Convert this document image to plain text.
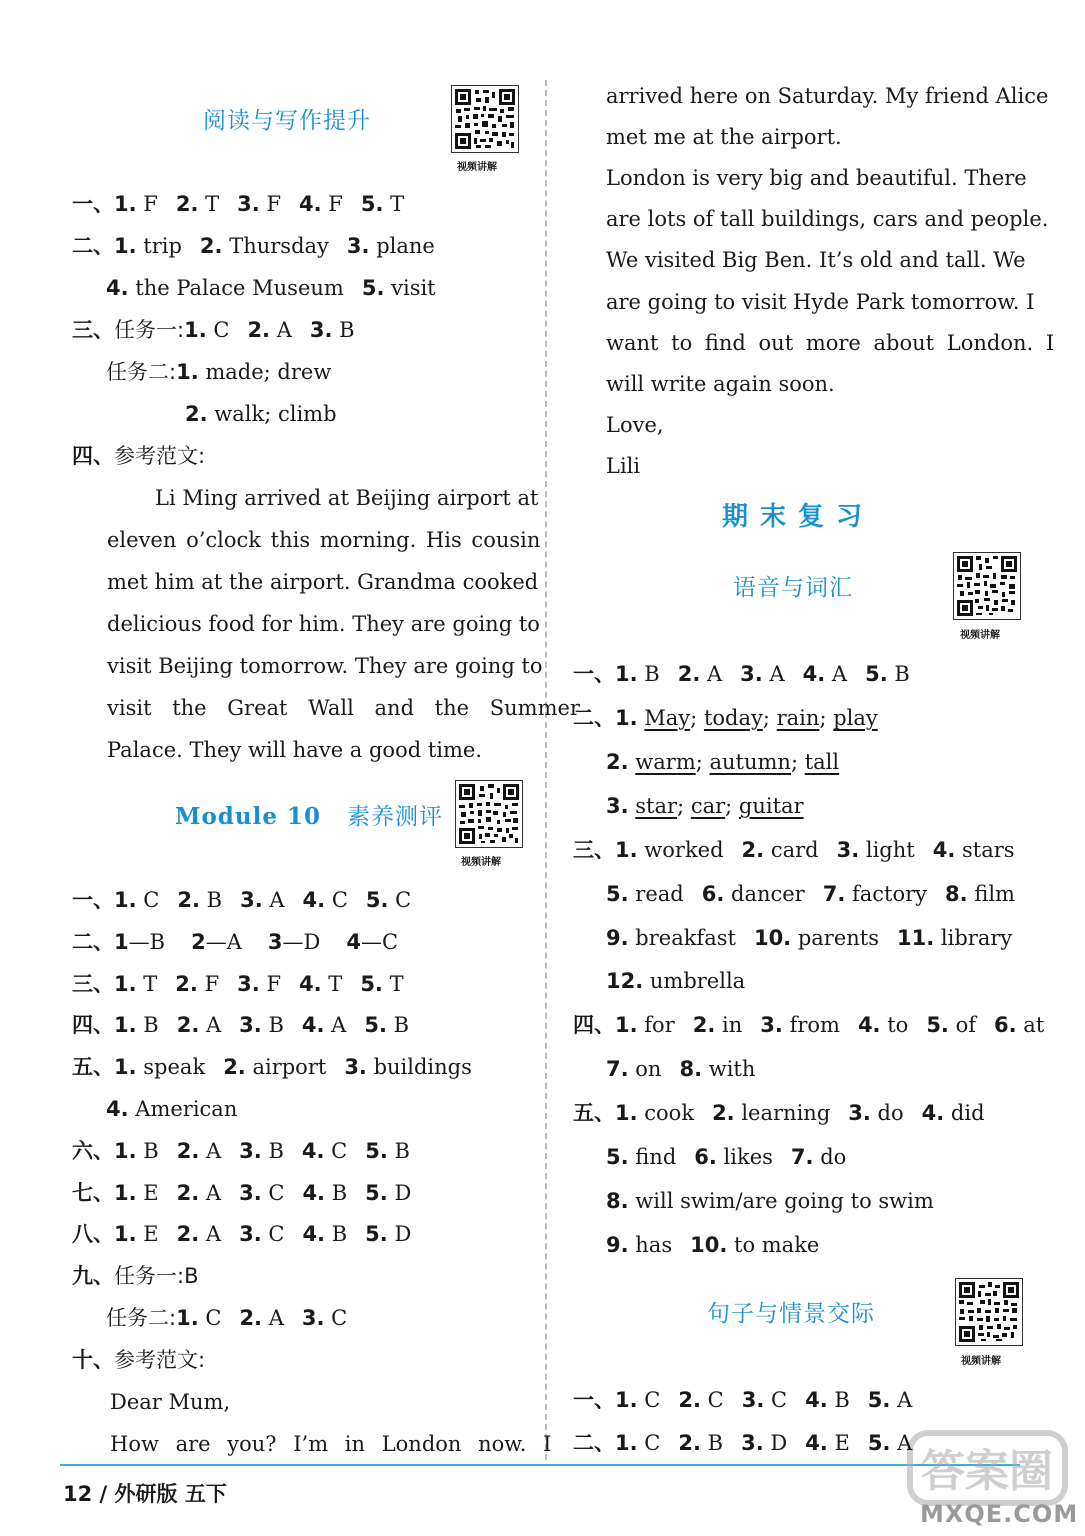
12 / 外研版 五下	答案圈
MXQE.COM
阅读与写作提升
视频讲解
一、1. F 2. T 3. F 4. F 5. T
二、1. trip 2. Thursday 3. plane
4. the Palace Museum 5. visit
三、任务一:1. C 2. A 3. B
任务二:1. made; drew
2. walk; climb
四、参考范文:
Li Ming arrived at Beijing airport at
eleven o’clock this morning. His cousin
met him at the airport. Grandma cooked
delicious food for him. They are going to
visit Beijing tomorrow. They are going to
visit the Great Wall and the Summer
Palace. They will have a good time.
Module 10 素养测评
视频讲解
一、1. C 2. B 3. A 4. C 5. C
二、1—B 2—A 3—D 4—C
三、1. T 2. F 3. F 4. T 5. T
四、1. B 2. A 3. B 4. A 5. B
五、1. speak 2. airport 3. buildings
4. American
六、1. B 2. A 3. B 4. C 5. B
七、1. E 2. A 3. C 4. B 5. D
八、1. E 2. A 3. C 4. B 5. D
九、任务一:B
任务二:1. C 2. A 3. C
十、参考范文:
Dear Mum,
How are you? I’m in London now. I
arrived here on Saturday. My friend Alice
met me at the airport.
London is very big and beautiful. There
are lots of tall buildings, cars and people.
We visited Big Ben. It’s old and tall. We
are going to visit Hyde Park tomorrow. I
want to find out more about London. I
will write again soon.
Love,
Lili
期末复习
语音与词汇
视频讲解
一、1. B 2. A 3. A 4. A 5. B
二、1. May; today; rain; play
2. warm; autumn; tall
3. star; car; guitar
三、1. worked 2. card 3. light 4. stars
5. read 6. dancer 7. factory 8. film
9. breakfast 10. parents 11. library
12. umbrella
四、1. for 2. in 3. from 4. to 5. of 6. at
7. on 8. with
五、1. cook 2. learning 3. do 4. did
5. find 6. likes 7. do
8. will swim/are going to swim
9. has 10. to make
句子与情景交际
视频讲解
一、1. C 2. C 3. C 4. B 5. A
二、1. C 2. B 3. D 4. E 5. A
